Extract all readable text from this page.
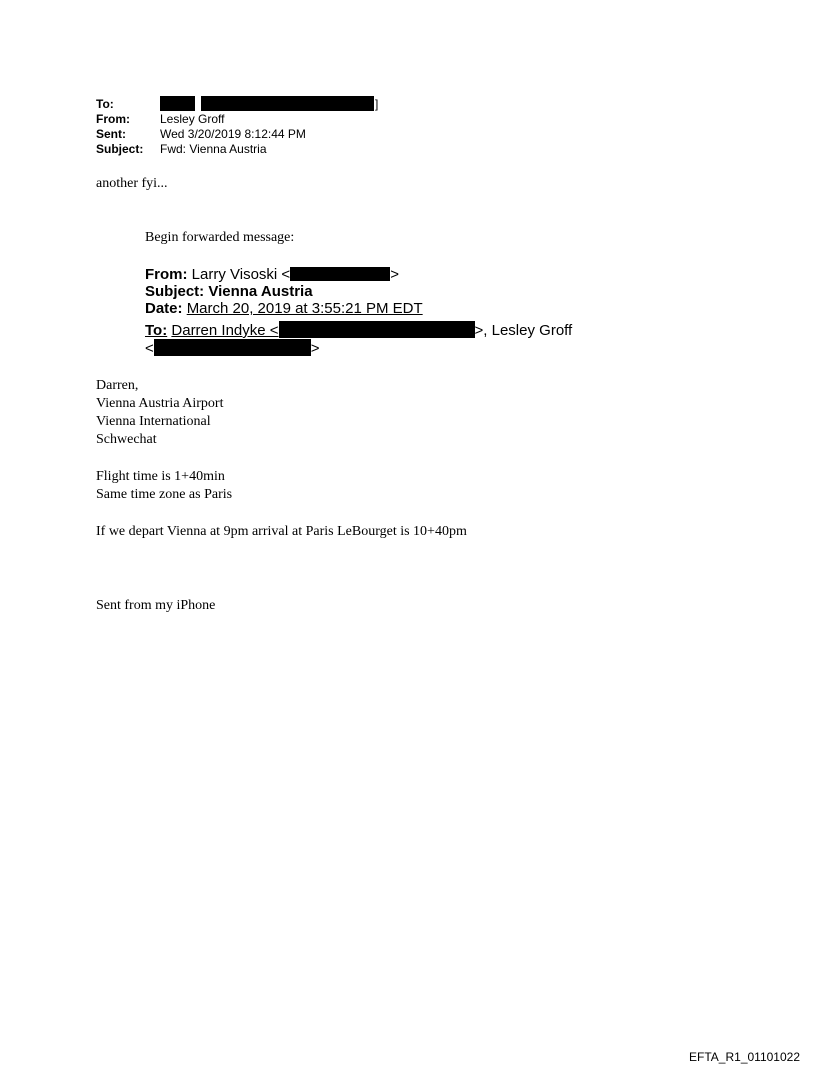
To:	]
From:	Lesley Groff
Sent:	Wed 3/20/2019 8:12:44 PM
Subject: Fwd: Vienna Austria
another fyi...
Begin forwarded message:
From: Larry Visoski <	>
Subject: Vienna Austria
Date: March 20, 2019 at 3:55:21 PM EDT
To: Darren Indyke <	>, Lesley Groff
<	>
Darren,
Vienna Austria Airport
Vienna International
Schwechat
Flight time is 1+40min
Same time zone as Paris
If we depart Vienna at 9pm arrival at Paris LeBourget is 10+40pm
Sent from my iPhone
EFTA_R1_01101022
